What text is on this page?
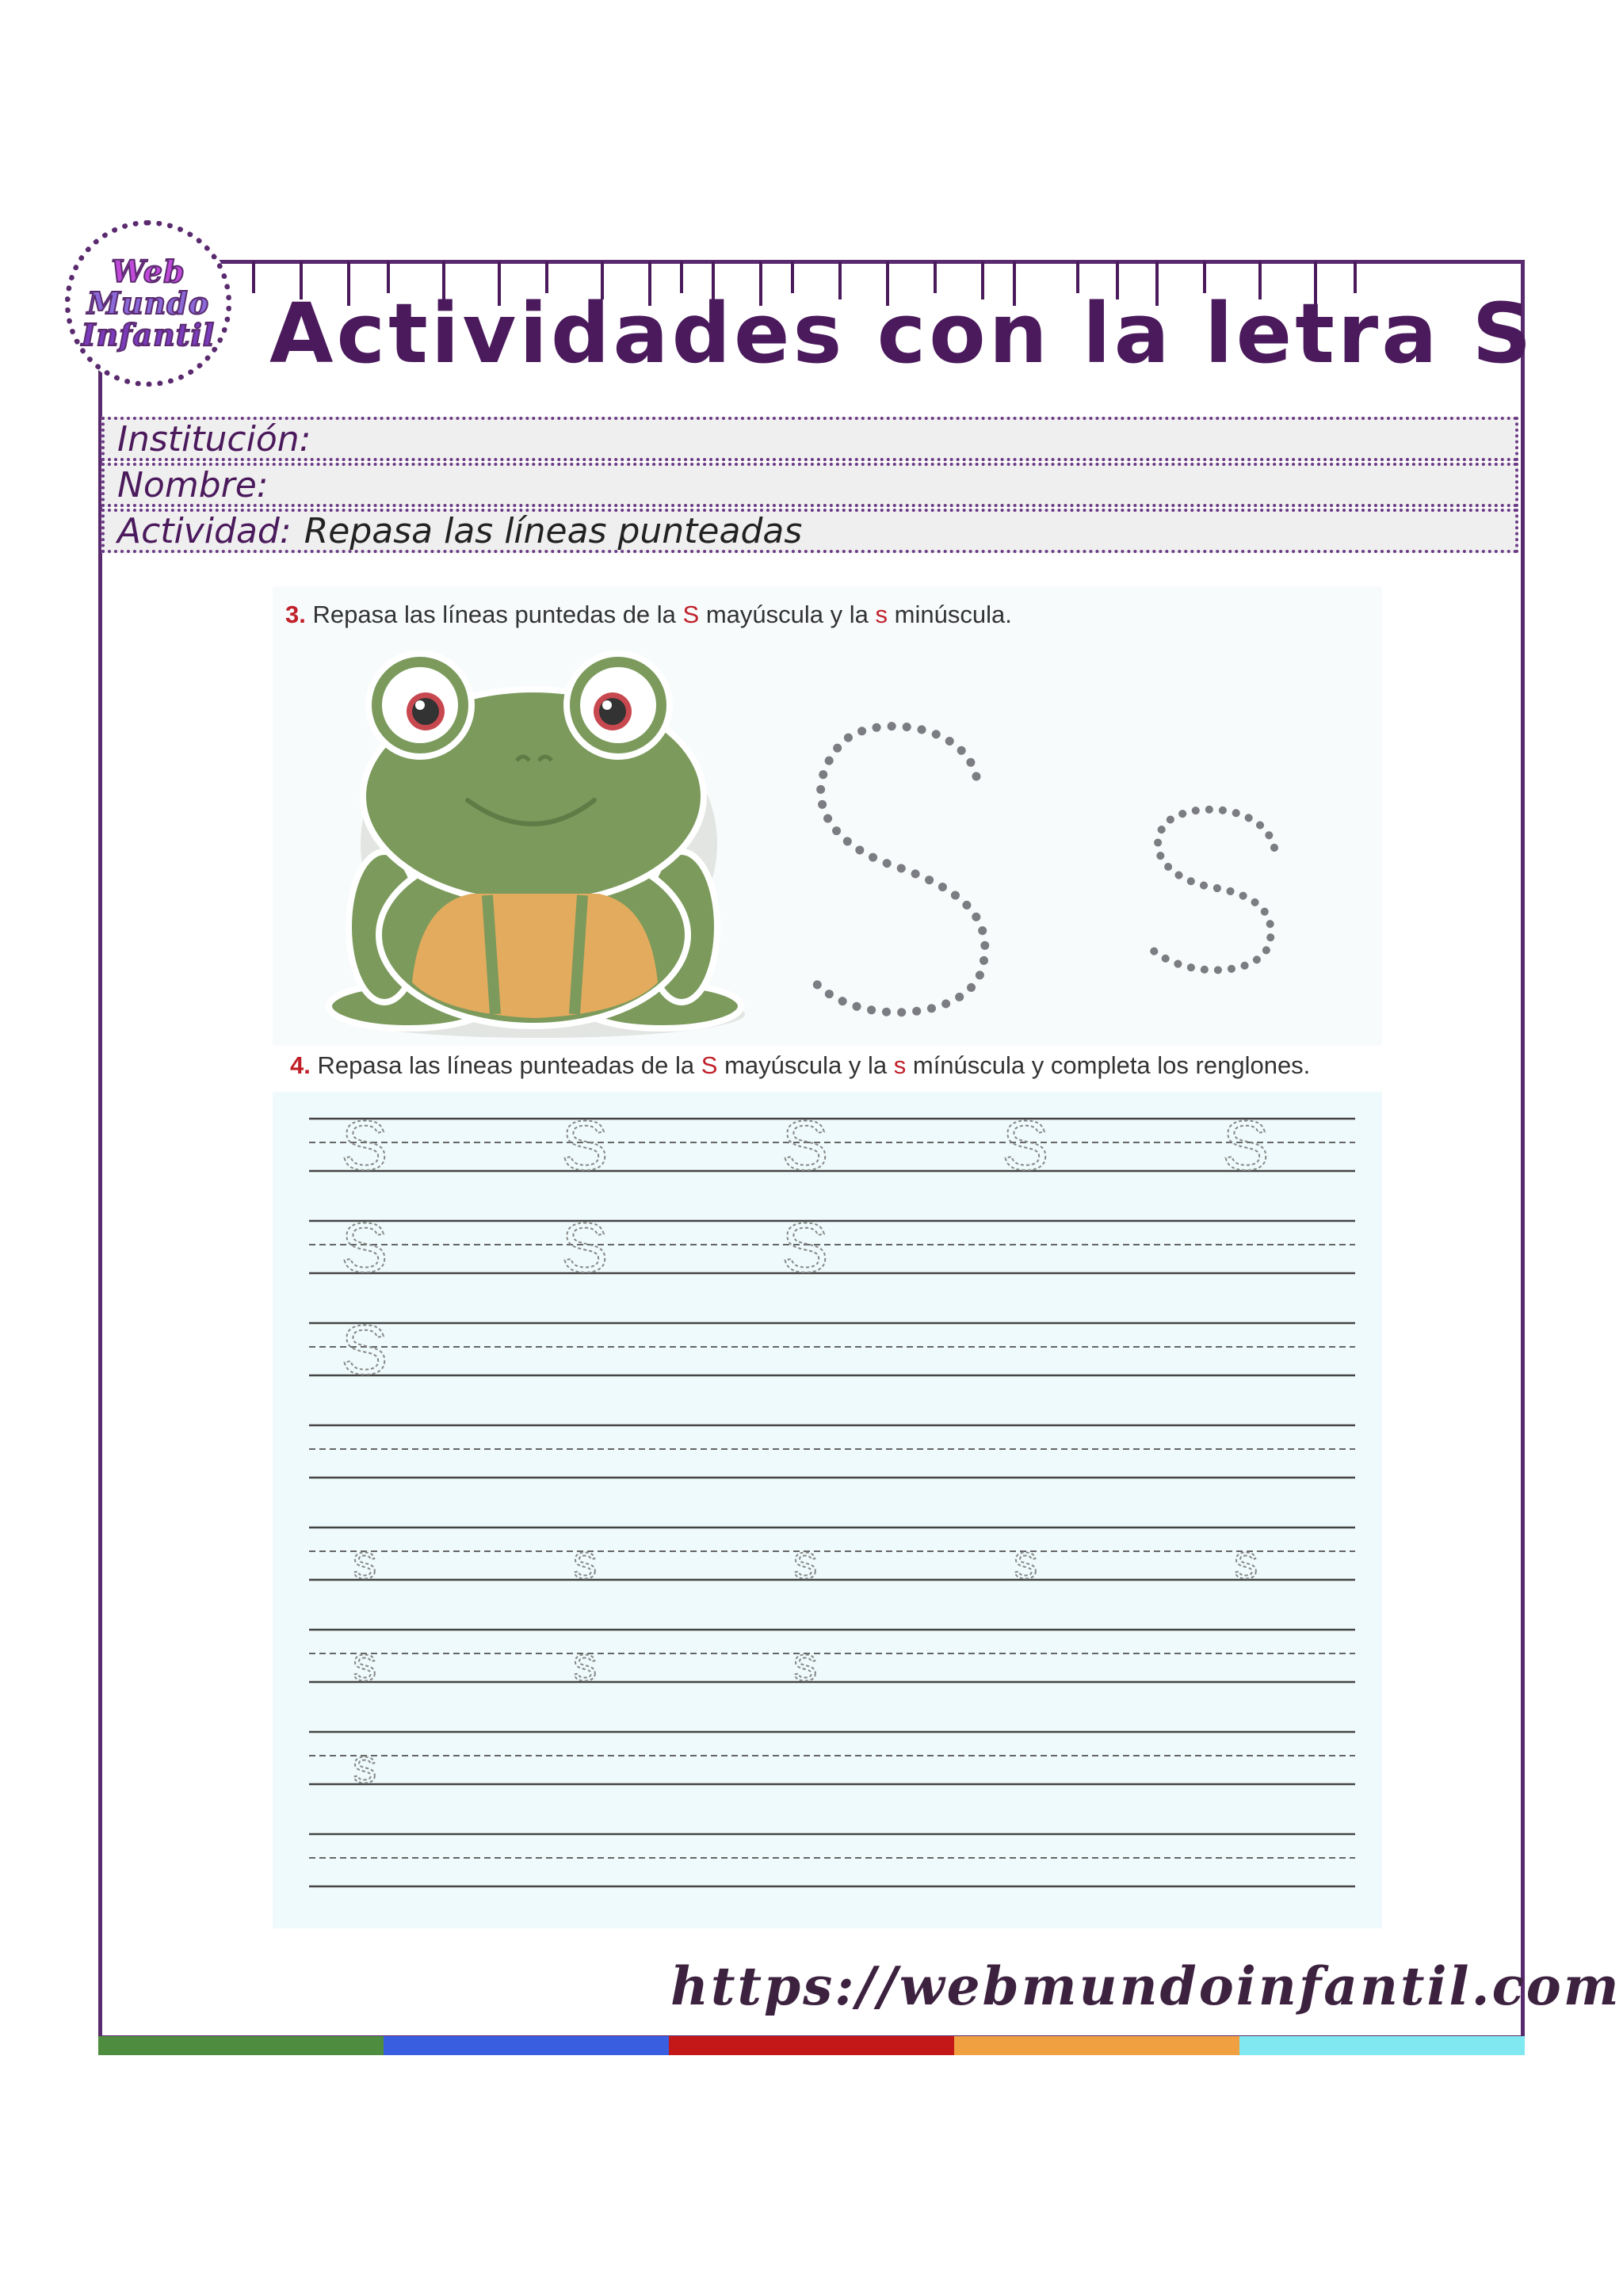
Web
Mundo
Infantil Actividades con la letra S
Institución:
Nombre:
Actividad: Repasa las líneas punteadas
3. Repasa las líneas puntedas de la S mayúscula y la s minúscula.
4. Repasa las líneas punteadas de la S mayúscula y la s mínúscula y completa los renglones.
S S S S S
S S S
S
s	s	s	s	s
s	s	s
s
https://webmundoinfantil.com
